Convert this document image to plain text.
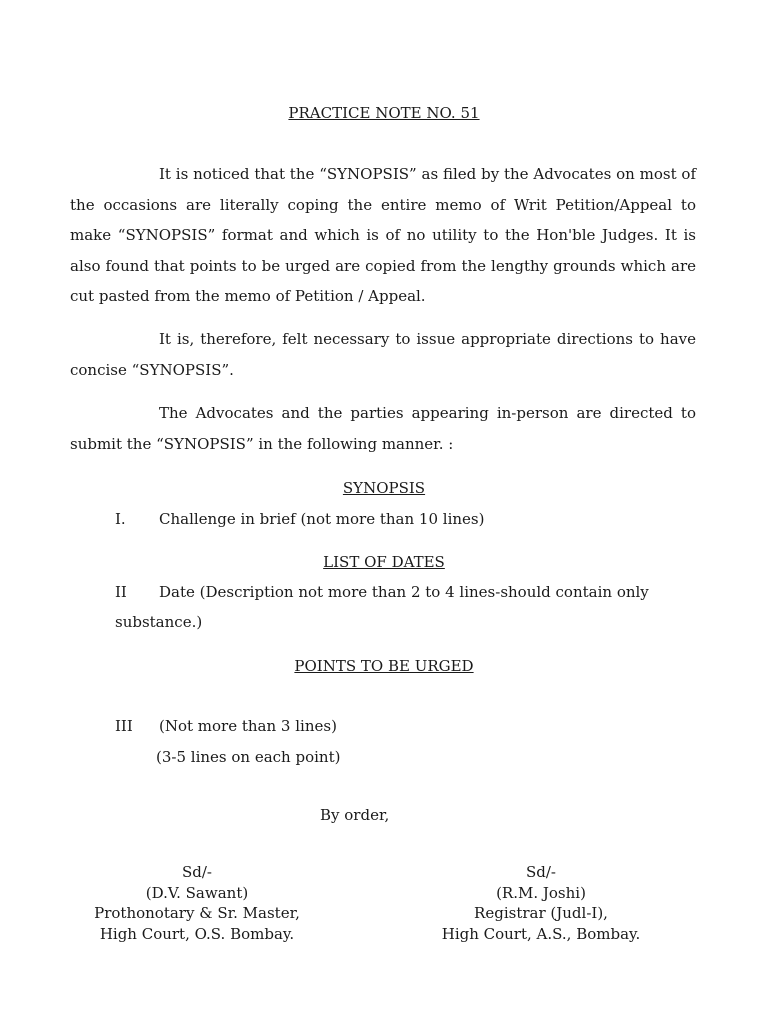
PRACTICE NOTE NO. 51

It is noticed that the “SYNOPSIS” as filed by the Advocates on most of the occasions are literally coping the entire memo of Writ Petition/Appeal to make “SYNOPSIS” format and which is of no utility to the Hon'ble Judges. It is also found that points to be urged are copied from the lengthy grounds which are cut pasted from the memo of Petition / Appeal.

It is, therefore, felt necessary to issue appropriate directions to have concise “SYNOPSIS”.

The Advocates and the parties appearing in-person are directed to submit the “SYNOPSIS” in the following manner. :

SYNOPSIS
I. Challenge in brief (not more than 10 lines)
LIST OF DATES
II Date (Description not more than 2 to 4 lines-should contain only
substance.)
POINTS TO BE URGED
III (Not more than 3 lines)
(3-5 lines on each point)
By order,
Sd/-
(D.V. Sawant)
Prothonotary & Sr. Master,
High Court, O.S. Bombay.
Sd/-
(R.M. Joshi)
Registrar (Judl-I),
High Court, A.S., Bombay.
